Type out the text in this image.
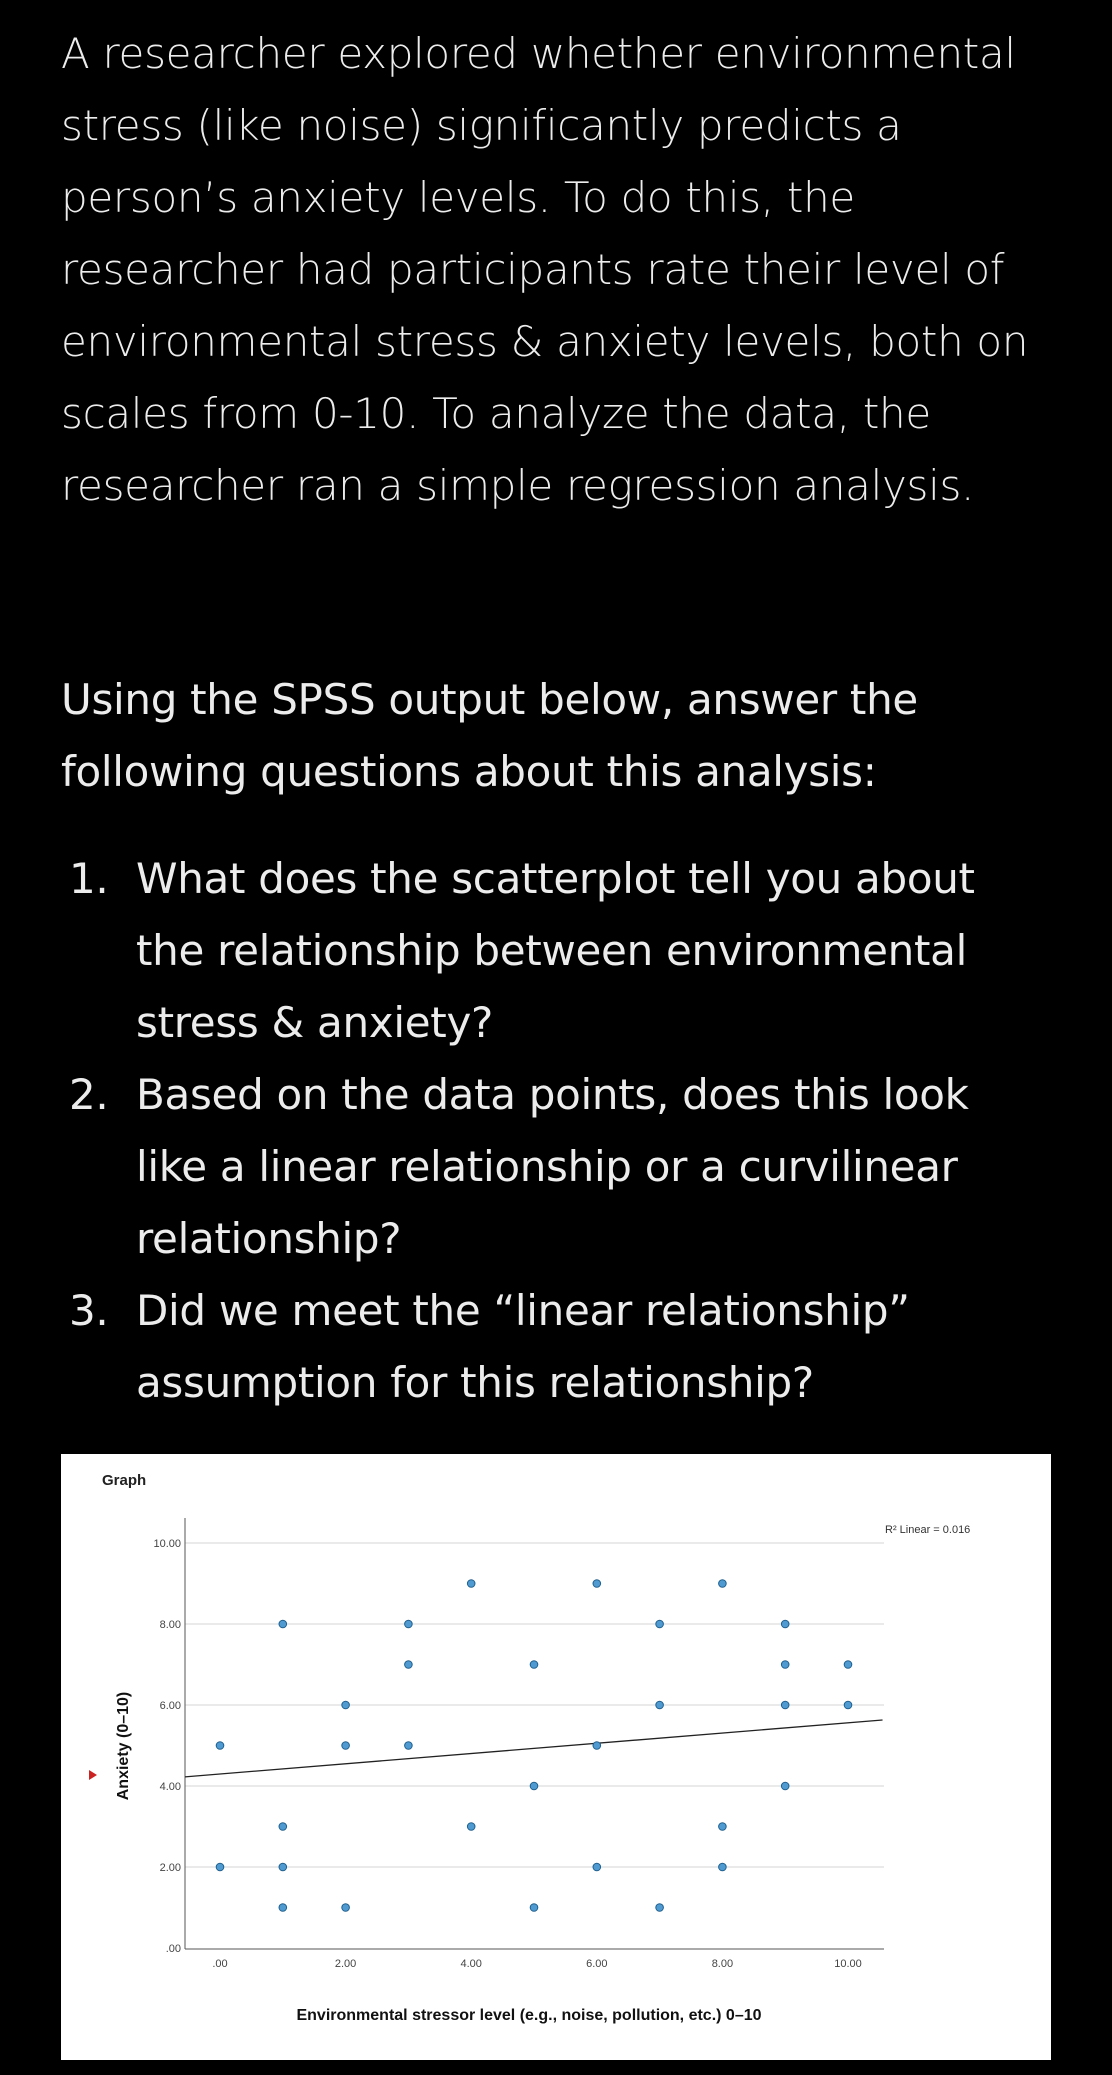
A researcher explored whether environmental stress (like noise) significantly predicts a person’s anxiety levels. To do this, the researcher had participants rate their level of environmental stress & anxiety levels, both on scales from 0-10. To analyze the data, the researcher ran a simple regression analysis.
Using the SPSS output below, answer the following questions about this analysis:
1. What does the scatterplot tell you about the relationship between environmental stress & anxiety?
2. Based on the data points, does this look like a linear relationship or a curvilinear relationship?
3. Did we meet the “linear relationship” assumption for this relationship?
Graph
.00
2.00
4.00
6.00
8.00
10.00
.00	2.00	4.00	6.00	8.00	10.00
Environmental stressor level (e.g., noise, pollution, etc.) 0–10
Anxiety (0–10)
R² Linear = 0.016
